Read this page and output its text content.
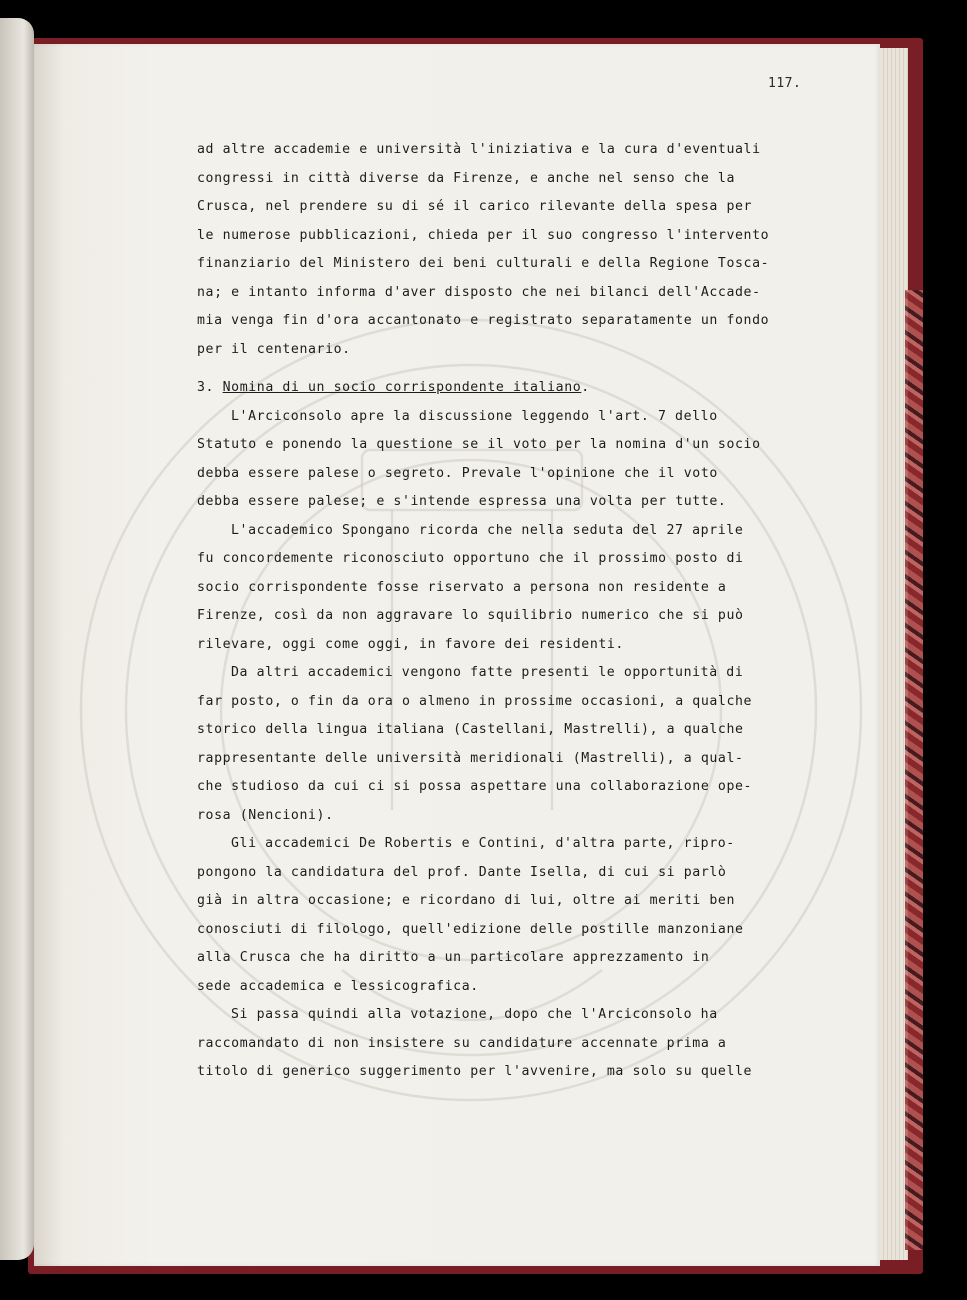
117.
ad altre accademie e università l'iniziativa e la cura d'eventuali
congressi in città diverse da Firenze, e anche nel senso che la
Crusca, nel prendere su di sé il carico rilevante della spesa per
le numerose pubblicazioni, chieda per il suo congresso l'intervento
finanziario del Ministero dei beni culturali e della Regione Tosca-
na; e intanto informa d'aver disposto che nei bilanci dell'Accade-
mia venga fin d'ora accantonato e registrato separatamente un fondo
per il centenario.
3. Nomina di un socio corrispondente italiano.
L'Arciconsolo apre la discussione leggendo l'art. 7 dello
Statuto e ponendo la questione se il voto per la nomina d'un socio
debba essere palese o segreto. Prevale l'opinione che il voto
debba essere palese; e s'intende espressa una volta per tutte.
L'accademico Spongano ricorda che nella seduta del 27 aprile
fu concordemente riconosciuto opportuno che il prossimo posto di
socio corrispondente fosse riservato a persona non residente a
Firenze, così da non aggravare lo squilibrio numerico che si può
rilevare, oggi come oggi, in favore dei residenti.
Da altri accademici vengono fatte presenti le opportunità di
far posto, o fin da ora o almeno in prossime occasioni, a qualche
storico della lingua italiana (Castellani, Mastrelli), a qualche
rappresentante delle università meridionali (Mastrelli), a qual-
che studioso da cui ci si possa aspettare una collaborazione ope-
rosa (Nencioni).
Gli accademici De Robertis e Contini, d'altra parte, ripro-
pongono la candidatura del prof. Dante Isella, di cui si parlò
già in altra occasione; e ricordano di lui, oltre ai meriti ben
conosciuti di filologo, quell'edizione delle postille manzoniane
alla Crusca che ha diritto a un particolare apprezzamento in
sede accademica e lessicografica.
Si passa quindi alla votazione, dopo che l'Arciconsolo ha
raccomandato di non insistere su candidature accennate prima a
titolo di generico suggerimento per l'avvenire, ma solo su quelle
